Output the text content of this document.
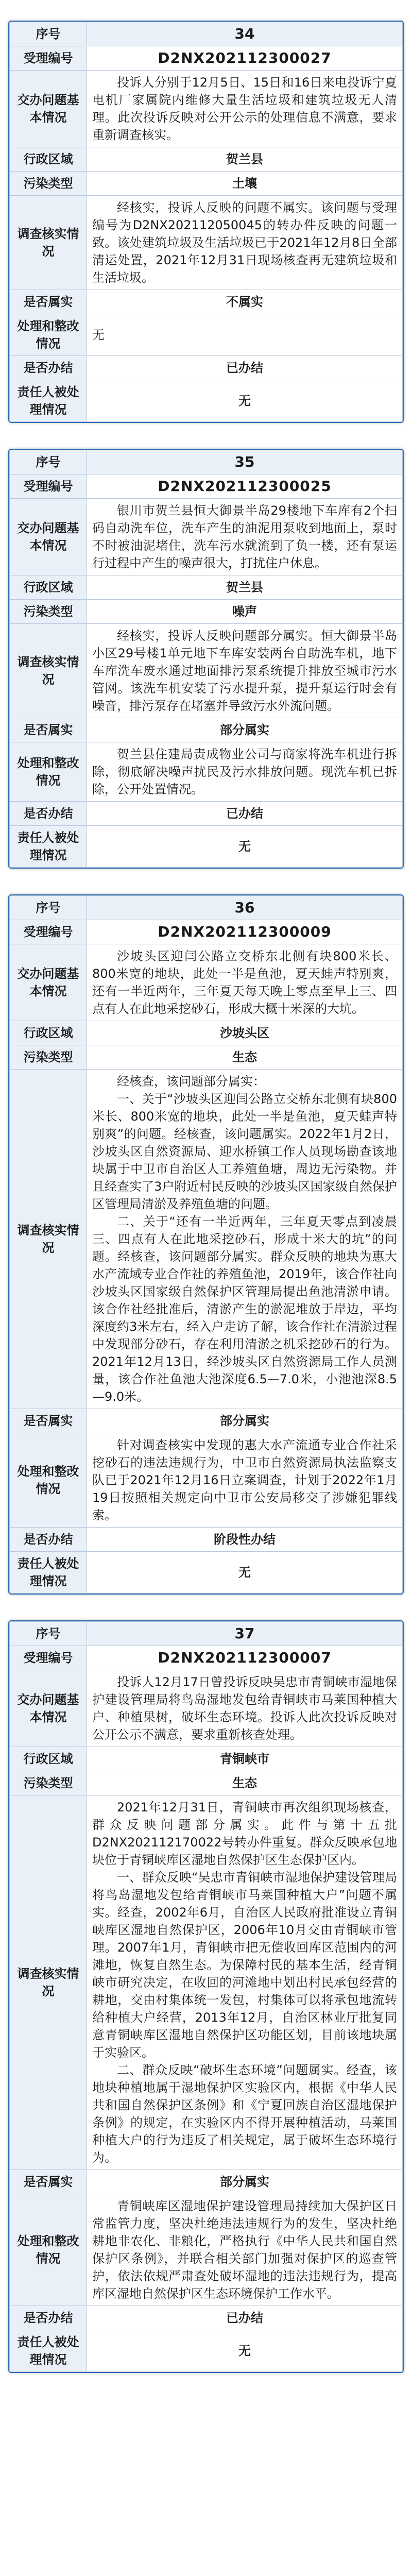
序号	34
受理编号	D2NX202112300027
交办问题基本情况	投诉人分别于12月5日、15日和16日来电投诉宁夏电机厂家属院内维修大量生活垃圾和建筑垃圾无人清理。此次投诉反映对公开公示的处理信息不满意，要求重新调查核实。

行政区域	贺兰县
污染类型	土壤
调查核实情况	经核实，投诉人反映的问题不属实。该问题与受理编号为D2NX202112050045的转办件反映的问题一致。该处建筑垃圾及生活垃圾已于2021年12月8日全部清运处置，2021年12月31日现场核查再无建筑垃圾和生活垃圾。

是否属实	不属实
处理和整改情况	无

是否办结	已办结
责任人被处理情况	无
序号	35
受理编号	D2NX202112300025
交办问题基本情况	银川市贺兰县恒大御景半岛29楼地下车库有2个扫码自动洗车位，洗车产生的油泥用泵收到地面上，泵时不时被油泥堵住，洗车污水就流到了负一楼，还有泵运行过程中产生的噪声很大，打扰住户休息。

行政区域	贺兰县
污染类型	噪声
调查核实情况	经核实，投诉人反映问题部分属实。恒大御景半岛小区29号楼1单元地下车库安装两台自助洗车机，地下车库洗车废水通过地面排污泵系统提升排放至城市污水管网。该洗车机安装了污水提升泵，提升泵运行时会有噪音，排污泵存在堵塞并导致污水外流问题。

是否属实	部分属实
处理和整改情况	贺兰县住建局责成物业公司与商家将洗车机进行拆除，彻底解决噪声扰民及污水排放问题。现洗车机已拆除，公开处置情况。

是否办结	已办结
责任人被处理情况	无
序号	36
受理编号	D2NX202112300009
交办问题基本情况	沙坡头区迎闫公路立交桥东北侧有块800米长、800米宽的地块，此处一半是鱼池，夏天蛙声特别爽，还有一半近两年，三年夏天每天晚上零点至早上三、四点有人在此地采挖砂石，形成大概十米深的大坑。

行政区域	沙坡头区
污染类型	生态
调查核实情况	经核查，该问题部分属实：

一、关于“沙坡头区迎闫公路立交桥东北侧有块800米长、800米宽的地块，此处一半是鱼池，夏天蛙声特别爽”的问题。经核查，该问题属实。2022年1月2日，沙坡头区自然资源局、迎水桥镇工作人员现场勘查该地块属于中卫市自治区人工养殖鱼塘，周边无污染物。并且经查实了3户附近村民反映的沙坡头区国家级自然保护区管理局清淤及养殖鱼塘的问题。

二、关于“还有一半近两年，三年夏天零点到凌晨三、四点有人在此地采挖砂石，形成十米大的坑”的问题。经核查，该问题部分属实。群众反映的地块为惠大水产流域专业合作社的养殖鱼池，2019年，该合作社向沙坡头区国家级自然保护区管理局提出鱼池清淤申请。该合作社经批准后，清淤产生的淤泥堆放于岸边，平均深度约3米左右，经入户走访了解，该合作社在清淤过程中发现部分砂石，存在利用清淤之机采挖砂石的行为。2021年12月13日，经沙坡头区自然资源局工作人员测量，该合作社鱼池大池深度6.5—7.0米，小池池深8.5—9.0米。

是否属实	部分属实
处理和整改情况	针对调查核实中发现的惠大水产流通专业合作社采挖砂石的违法违规行为，中卫市自然资源局执法监察支队已于2021年12月16日立案调查，计划于2022年1月19日按照相关规定向中卫市公安局移交了涉嫌犯罪线索。

是否办结	阶段性办结
责任人被处理情况	无
序号	37
受理编号	D2NX202112300007
交办问题基本情况	投诉人12月17日曾投诉反映吴忠市青铜峡市湿地保护建设管理局将鸟岛湿地发包给青铜峡市马莱国种植大户、种植果树，破坏生态环境。投诉人此次投诉反映对公开公示不满意，要求重新核查处理。

行政区域	青铜峡市
污染类型	生态
调查核实情况	2021年12月31日，青铜峡市再次组织现场核查，群众反映问题部分属实。此件与第十五批D2NX202112170022号转办件重复。群众反映承包地块位于青铜峡库区湿地自然保护区生态保护区内。

一、群众反映“吴忠市青铜峡市湿地保护建设管理局将鸟岛湿地发包给青铜峡市马莱国种植大户”问题不属实。经查，2002年6月，自治区人民政府批准设立青铜峡库区湿地自然保护区，2006年10月交由青铜峡市管理。2007年1月，青铜峡市把无偿收回库区范围内的河滩地，恢复自然生态。为保障村民的基本生活，经青铜峡市研究决定，在收回的河滩地中划出村民承包经营的耕地，交由村集体统一发包，村集体可以将承包地流转给种植大户经营，2013年12月，自治区林业厅批复同意青铜峡库区湿地自然保护区功能区划，目前该地块属于实验区。

二、群众反映“破坏生态环境”问题属实。经查，该地块种植地属于湿地保护区实验区内，根据《中华人民共和国自然保护区条例》和《宁夏回族自治区湿地保护条例》的规定，在实验区内不得开展种植活动，马莱国种植大户的行为违反了相关规定，属于破坏生态环境行为。

是否属实	部分属实
处理和整改情况	青铜峡库区湿地保护建设管理局持续加大保护区日常监管力度，坚决杜绝违法违规行为的发生，坚决杜绝耕地非农化、非粮化，严格执行《中华人民共和国自然保护区条例》，并联合相关部门加强对保护区的巡查管护，依法依规严肃查处破坏湿地的违法违规行为，提高库区湿地自然保护区生态环境保护工作水平。

是否办结	已办结
责任人被处理情况	无
